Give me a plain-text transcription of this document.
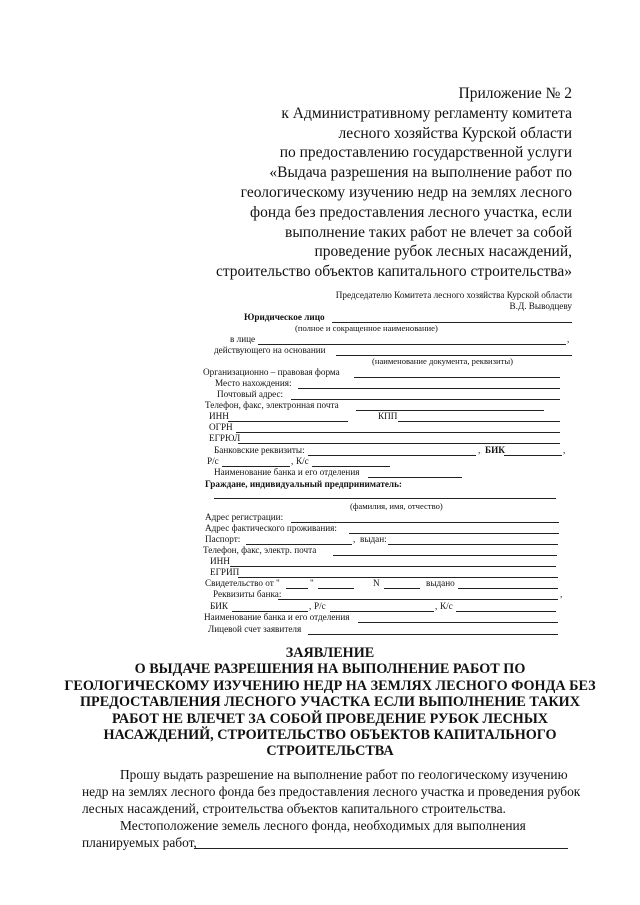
Приложение № 2
к Административному регламенту комитета
лесного хозяйства Курской области
по предоставлению государственной услуги
«Выдача разрешения на выполнение работ по
геологическому изучению недр на землях лесного
фонда без предоставления лесного участка, если
выполнение таких работ не влечет за собой
проведение рубок лесных насаждений,
строительство объектов капитального строительства»
Председателю Комитета лесного хозяйства Курской области
В.Д. Выводцеву
Юридическое лицо
(полное и сокращенное наименование)
в лице	,
действующего на основании
(наименование документа, реквизиты)
Организационно – правовая форма
Место нахождения:
Почтовый адрес:
Телефон, факс, электронная почта
ИНН	КПП
ОГРН
ЕГРЮЛ
Банковские реквизиты:	, БИК	,
Р/с	, К/с
Наименование банка и его отделения
Граждане, индивидуальный предприниматель:
(фамилия, имя, отчество)
Адрес регистрации:
Адрес фактического проживания:
Паспорт:	, выдан:
Телефон, факс, электр. почта
ИНН
ЕГРИП
Свидетельство от "	"	N	выдано
Реквизиты банка:	,
БИК	, Р/с	, К/с
Наименование банка и его отделения
Лицевой счет заявителя
ЗАЯВЛЕНИЕ
О ВЫДАЧЕ РАЗРЕШЕНИЯ НА ВЫПОЛНЕНИЕ РАБОТ ПО
ГЕОЛОГИЧЕСКОМУ ИЗУЧЕНИЮ НЕДР НА ЗЕМЛЯХ ЛЕСНОГО ФОНДА БЕЗ
ПРЕДОСТАВЛЕНИЯ ЛЕСНОГО УЧАСТКА ЕСЛИ ВЫПОЛНЕНИЕ ТАКИХ
РАБОТ НЕ ВЛЕЧЕТ ЗА СОБОЙ ПРОВЕДЕНИЕ РУБОК ЛЕСНЫХ
НАСАЖДЕНИЙ, СТРОИТЕЛЬСТВО ОБЪЕКТОВ КАПИТАЛЬНОГО
СТРОИТЕЛЬСТВА
Прошу выдать разрешение на выполнение работ по геологическому изучению
недр на землях лесного фонда без предоставления лесного участка и проведения рубок
лесных насаждений, строительства объектов капитального строительства.
Местоположение земель лесного фонда, необходимых для выполнения
планируемых работ,
